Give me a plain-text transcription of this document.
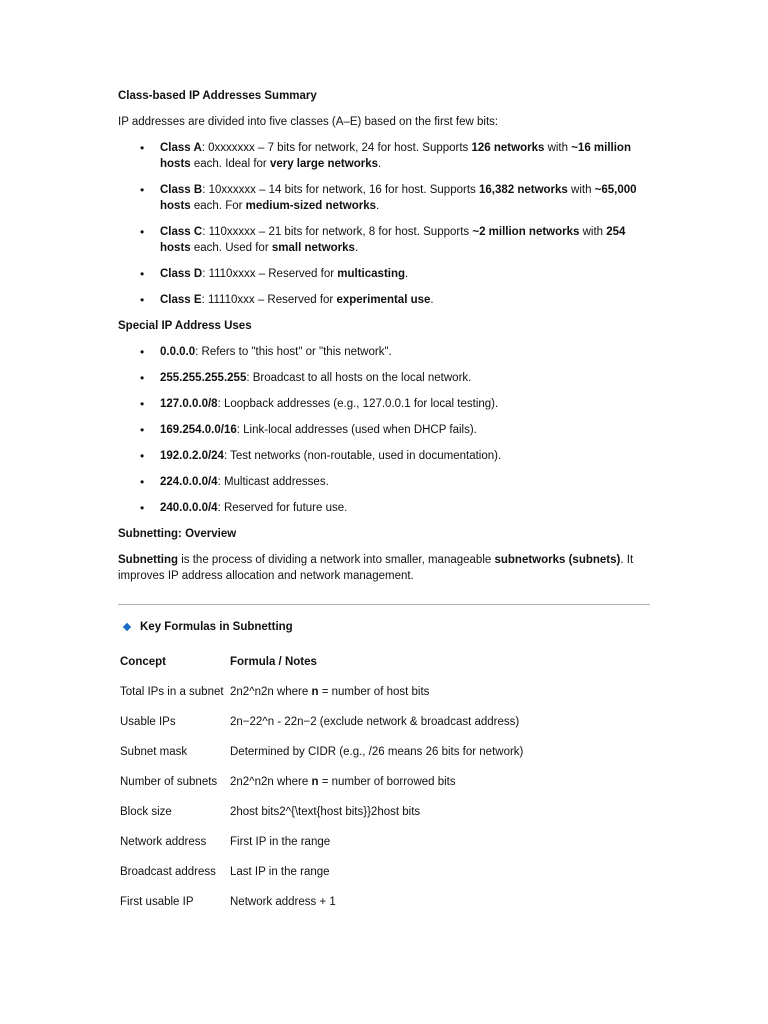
Class-based IP Addresses Summary
IP addresses are divided into five classes (A–E) based on the first few bits:
• Class A: 0xxxxxxx – 7 bits for network, 24 for host. Supports 126 networks with ~16 million hosts each. Ideal for very large networks.
• Class B: 10xxxxxx – 14 bits for network, 16 for host. Supports 16,382 networks with ~65,000 hosts each. For medium-sized networks.
• Class C: 110xxxxx – 21 bits for network, 8 for host. Supports ~2 million networks with 254 hosts each. Used for small networks.
• Class D: 1110xxxx – Reserved for multicasting.
• Class E: 11110xxx – Reserved for experimental use.
Special IP Address Uses
• 0.0.0.0: Refers to "this host" or "this network".
• 255.255.255.255: Broadcast to all hosts on the local network.
• 127.0.0.0/8: Loopback addresses (e.g., 127.0.0.1 for local testing).
• 169.254.0.0/16: Link-local addresses (used when DHCP fails).
• 192.0.2.0/24: Test networks (non-routable, used in documentation).
• 224.0.0.0/4: Multicast addresses.
• 240.0.0.0/4: Reserved for future use.
Subnetting: Overview
Subnetting is the process of dividing a network into smaller, manageable subnetworks (subnets). It improves IP address allocation and network management.
Key Formulas in Subnetting
Concept	Formula / Notes
Total IPs in a subnet	2n2^n2n where n = number of host bits
Usable IPs	2n−22^n - 22n−2 (exclude network & broadcast address)
Subnet mask	Determined by CIDR (e.g., /26 means 26 bits for network)
Number of subnets	2n2^n2n where n = number of borrowed bits
Block size	2host bits2^{\text{host bits}}2host bits
Network address	First IP in the range
Broadcast address	Last IP in the range
First usable IP	Network address + 1
